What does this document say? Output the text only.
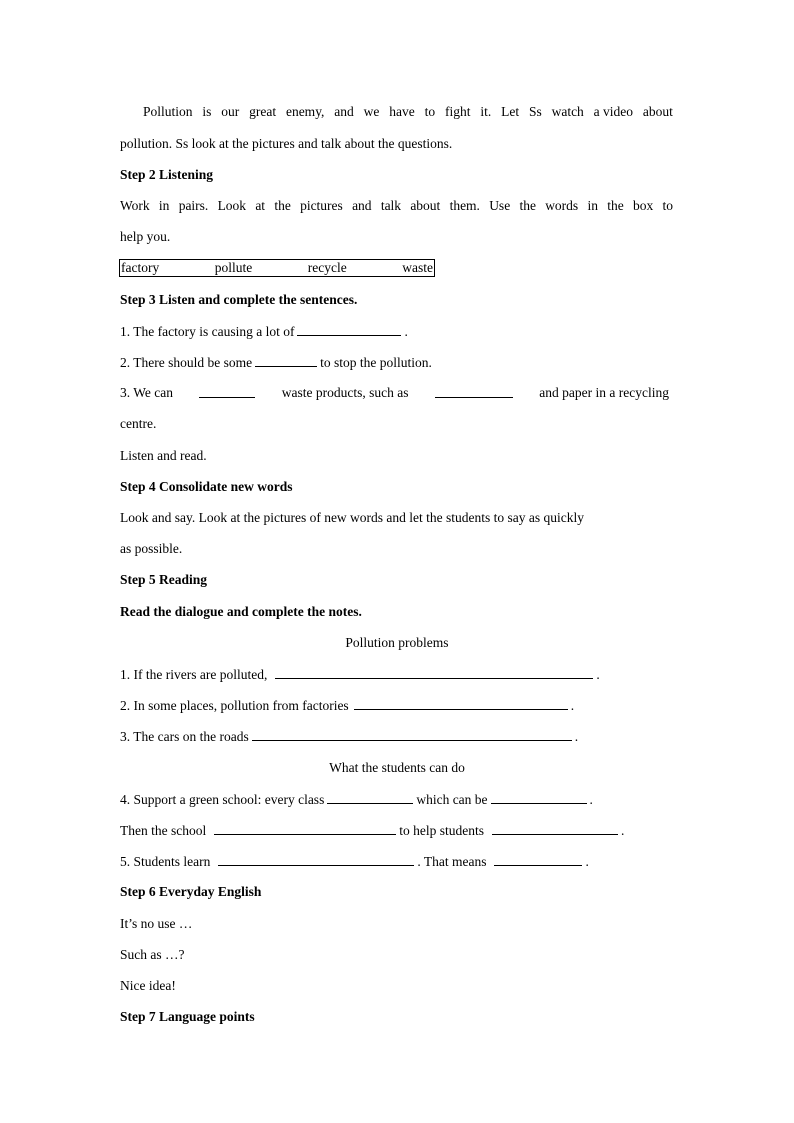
Pollution is our great enemy, and we have to fight it. Let Ss watch a video about
pollution. Ss look at the pictures and talk about the questions.
Step 2 Listening
Work in pairs. Look at the pictures and talk about them. Use the words in the box to
help you.
factory	pollute	recycle	waste
Step 3 Listen and complete the sentences.
1. The factory is causing a lot of	.
2. There should be some	to stop the pollution.
3. We can	waste products, such as	and paper in a recycling
centre.
Listen and read.
Step 4 Consolidate new words
Look and say. Look at the pictures of new words and let the students to say as quickly
as possible.
Step 5 Reading
Read the dialogue and complete the notes.
Pollution problems
1. If the rivers are polluted,	.
2. In some places, pollution from factories	.
3. The cars on the roads	.
What the students can do
4. Support a green school: every class	which can be	.
Then the school	to help students	.
5. Students learn	. That means	.
Step 6 Everyday English
It’s no use …
Such as …?
Nice idea!
Step 7 Language points
